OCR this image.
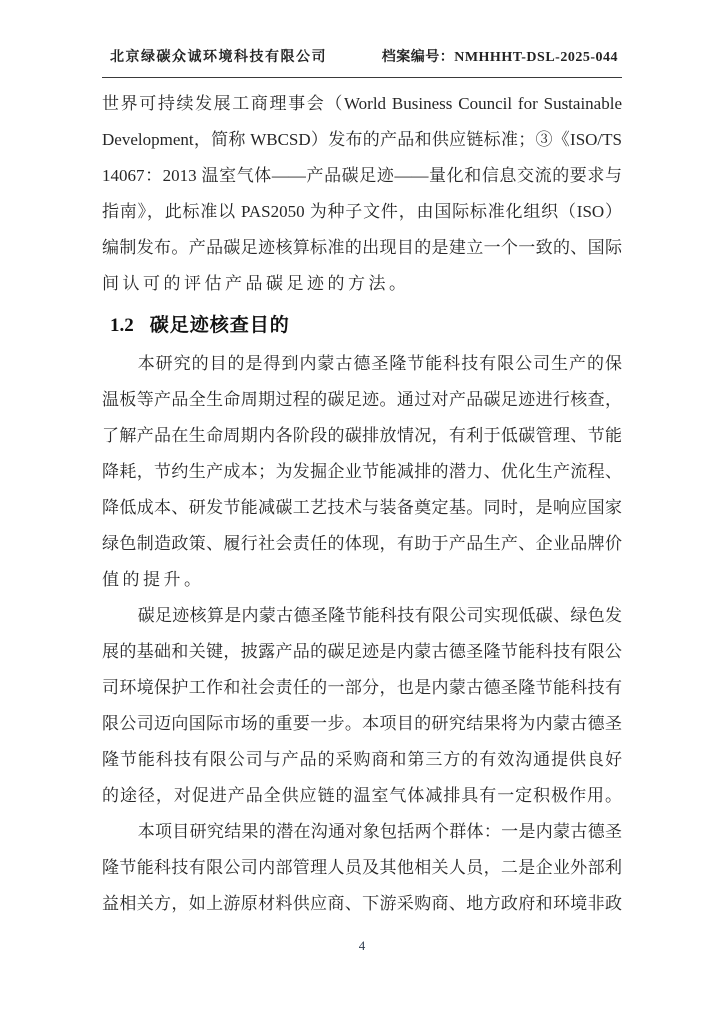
北京绿碳众诚环境科技有限公司	档案编号：NMHHHT-DSL-2025-044
世界可持续发展工商理事会（World Business Council for Sustainable
Development，简称 WBCSD）发布的产品和供应链标准；③《ISO/TS
14067：2013 温室气体——产品碳足迹——量化和信息交流的要求与
指南》，此标准以 PAS2050 为种子文件，由国际标准化组织（ISO）
编制发布。产品碳足迹核算标准的出现目的是建立一个一致的、国际
间认可的评估产品碳足迹的方法。
1.2 碳足迹核查目的
本研究的目的是得到内蒙古德圣隆节能科技有限公司生产的保
温板等产品全生命周期过程的碳足迹。通过对产品碳足迹进行核查，
了解产品在生命周期内各阶段的碳排放情况，有利于低碳管理、节能
降耗，节约生产成本；为发掘企业节能减排的潜力、优化生产流程、
降低成本、研发节能减碳工艺技术与装备奠定基。同时，是响应国家
绿色制造政策、履行社会责任的体现，有助于产品生产、企业品牌价
值的提升。
碳足迹核算是内蒙古德圣隆节能科技有限公司实现低碳、绿色发
展的基础和关键，披露产品的碳足迹是内蒙古德圣隆节能科技有限公
司环境保护工作和社会责任的一部分，也是内蒙古德圣隆节能科技有
限公司迈向国际市场的重要一步。本项目的研究结果将为内蒙古德圣
隆节能科技有限公司与产品的采购商和第三方的有效沟通提供良好
的途径，对促进产品全供应链的温室气体减排具有一定积极作用。
本项目研究结果的潜在沟通对象包括两个群体：一是内蒙古德圣
隆节能科技有限公司内部管理人员及其他相关人员，二是企业外部利
益相关方，如上游原材料供应商、下游采购商、地方政府和环境非政
4
